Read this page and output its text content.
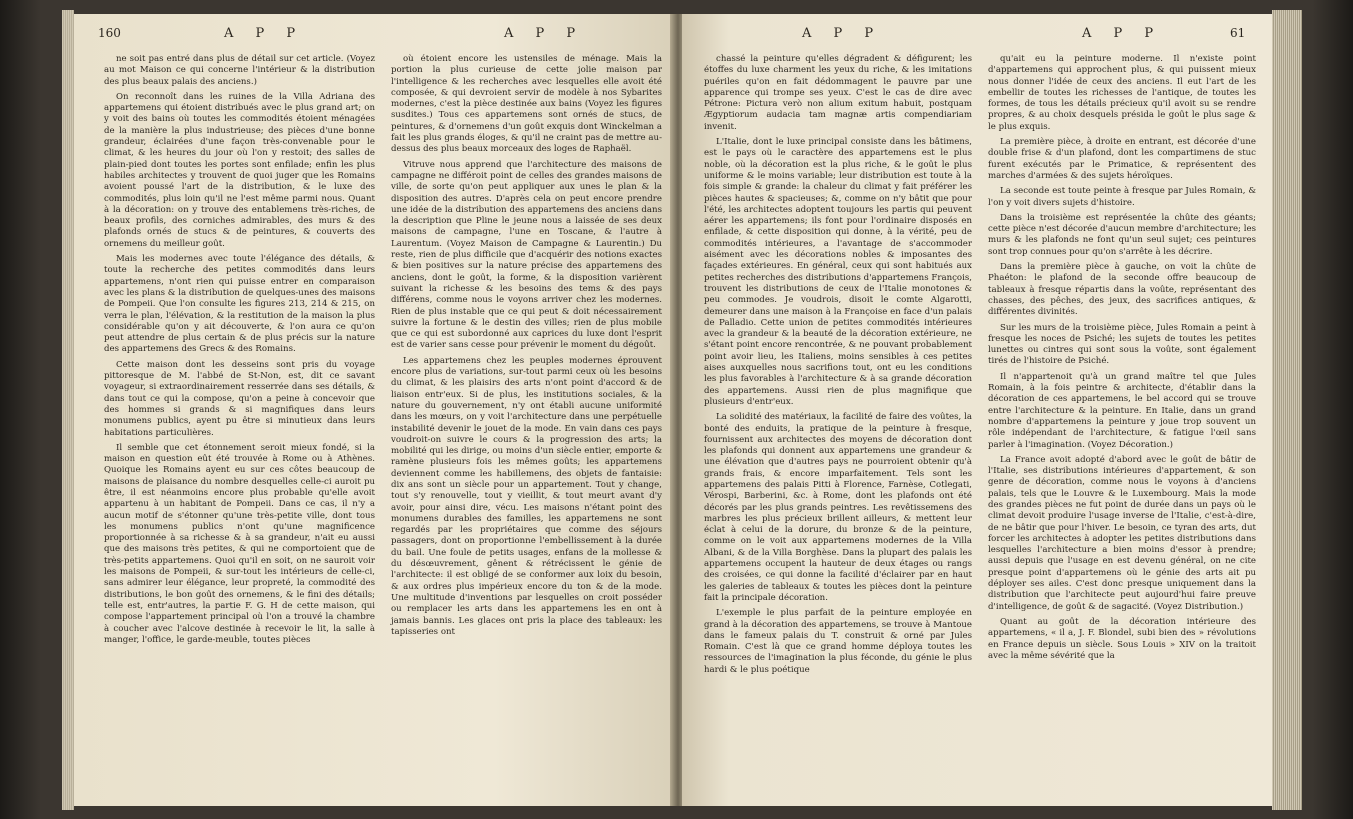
160	A P P	A P P

ne soit pas entré dans plus de détail sur cet article. (Voyez au mot Maison ce qui concerne l'intérieur & la distribution des plus beaux palais des anciens.)

On reconnoît dans les ruines de la Villa Adriana des appartemens qui étoient distribués avec le plus grand art; on y voit des bains où toutes les commodités étoient ménagées de la manière la plus industrieuse; des pièces d'une bonne grandeur, éclairées d'une façon très-convenable pour le climat, & les heures du jour où l'on y restoit; des salles de plain-pied dont toutes les portes sont enfilade; enfin les plus habiles architectes y trouvent de quoi juger que les Romains avoient poussé l'art de la distribution, & le luxe des commodités, plus loin qu'il ne l'est même parmi nous. Quant à la décoration: on y trouve des entablemens très-riches, de beaux profils, des corniches admirables, des murs & des plafonds ornés de stucs & de peintures, & couverts des ornemens du meilleur goût.

Mais les modernes avec toute l'élégance des détails, & toute la recherche des petites commodités dans leurs appartemens, n'ont rien qui puisse entrer en comparaison avec les plans & la distribution de quelques-unes des maisons de Pompeii. Que l'on consulte les figures 213, 214 & 215, on verra le plan, l'élévation, & la restitution de la maison la plus considérable qu'on y ait découverte, & l'on aura ce qu'on peut attendre de plus certain & de plus précis sur la nature des appartemens des Grecs & des Romains.

Cette maison dont les desseins sont pris du voyage pittoresque de M. l'abbé de St-Non, est, dit ce savant voyageur, si extraordinairement resserrée dans ses détails, & dans tout ce qui la compose, qu'on a peine à concevoir que des hommes si grands & si magnifiques dans leurs monumens publics, ayent pu être si minutieux dans leurs habitations particulières.

Il semble que cet étonnement seroit mieux fondé, si la maison en question eût été trouvée à Rome ou à Athènes. Quoique les Romains ayent eu sur ces côtes beaucoup de maisons de plaisance du nombre desquelles celle-ci auroit pu être, il est néanmoins encore plus probable qu'elle avoit appartenu à un habitant de Pompeii. Dans ce cas, il n'y a aucun motif de s'étonner qu'une très-petite ville, dont tous les monumens publics n'ont qu'une magnificence proportionnée à sa richesse & à sa grandeur, n'ait eu aussi que des maisons très petites, & qui ne comportoient que de très-petits appartemens. Quoi qu'il en soit, on ne sauroit voir les maisons de Pompeii, & sur-tout les intérieurs de celle-ci, sans admirer leur élégance, leur propreté, la commodité des distributions, le bon goût des ornemens, & le fini des détails; telle est, entr'autres, la partie F. G. H de cette maison, qui compose l'appartement principal où l'on a trouvé la chambre à coucher avec l'alcove destinée à recevoir le lit, la salle à manger, l'office, le garde-meuble, toutes pièces

où étoient encore les ustensiles de ménage. Mais la portion la plus curieuse de cette jolie maison par l'intelligence & les recherches avec lesquelles elle avoit été composée, & qui devroient servir de modèle à nos Sybarites modernes, c'est la pièce destinée aux bains (Voyez les figures susdites.) Tous ces appartemens sont ornés de stucs, de peintures, & d'ornemens d'un goût exquis dont Winckelman a fait les plus grands éloges, & qu'il ne craint pas de mettre au-dessus des plus beaux morceaux des loges de Raphaël.

Vitruve nous apprend que l'architecture des maisons de campagne ne différoit point de celles des grandes maisons de ville, de sorte qu'on peut appliquer aux unes le plan & la disposition des autres. D'après cela on peut encore prendre une idée de la distribution des appartemens des anciens dans la description que Pline le jeune nous a laissée de ses deux maisons de campagne, l'une en Toscane, & l'autre à Laurentum. (Voyez Maison de Campagne & Laurentin.) Du reste, rien de plus difficile que d'acquérir des notions exactes & bien positives sur la nature précise des appartemens des anciens, dont le goût, la forme, & la disposition varièrent suivant la richesse & les besoins des tems & des pays différens, comme nous le voyons arriver chez les modernes. Rien de plus instable que ce qui peut & doit nécessairement suivre la fortune & le destin des villes; rien de plus mobile que ce qui est subordonné aux caprices du luxe dont l'esprit est de varier sans cesse pour prévenir le moment du dégoût.

Les appartemens chez les peuples modernes éprouvent encore plus de variations, sur-tout parmi ceux où les besoins du climat, & les plaisirs des arts n'ont point d'accord & de liaison entr'eux. Si de plus, les institutions sociales, & la nature du gouvernement, n'y ont établi aucune uniformité dans les mœurs, on y voit l'architecture dans une perpétuelle instabilité devenir le jouet de la mode. En vain dans ces pays voudroit-on suivre le cours & la progression des arts; la mobilité qui les dirige, ou moins d'un siècle entier, emporte & ramène plusieurs fois les mêmes goûts; les appartemens deviennent comme les habillemens, des objets de fantaisie: dix ans sont un siècle pour un appartement. Tout y change, tout s'y renouvelle, tout y vieillit, & tout meurt avant d'y avoir, pour ainsi dire, vécu. Les maisons n'étant point des monumens durables des familles, les appartemens ne sont regardés par les propriétaires que comme des séjours passagers, dont on proportionne l'embellissement à la durée du bail. Une foule de petits usages, enfans de la mollesse & du désœuvrement, gênent & rétrécissent le génie de l'architecte: il est obligé de se conformer aux loix du besoin, & aux ordres plus impérieux encore du ton & de la mode. Une multitude d'inventions par lesquelles on croit posséder ou remplacer les arts dans les appartemens les en ont à jamais bannis. Les glaces ont pris la place des tableaux: les tapisseries ont

A P P	A P P	61

chassé la peinture qu'elles dégradent & défigurent; les étoffes du luxe charment les yeux du riche, & les imitations puériles qu'on en fait dédommagent le pauvre par une apparence qui trompe ses yeux. C'est le cas de dire avec Pétrone: Pictura verò non alium exitum habuit, postquam Ægyptiorum audacia tam magnæ artis compendiariam invenit.

L'Italie, dont le luxe principal consiste dans les bâtimens, est le pays où le caractère des appartemens est le plus noble, où la décoration est la plus riche, & le goût le plus uniforme & le moins variable; leur distribution est toute à la fois simple & grande: la chaleur du climat y fait préférer les pièces hautes & spacieuses; &, comme on n'y bâtit que pour l'été, les architectes adoptent toujours les partis qui peuvent aérer les appartemens; ils font pour l'ordinaire disposés en enfilade, & cette disposition qui donne, à la vérité, peu de commodités intérieures, a l'avantage de s'accommoder aisément avec les décorations nobles & imposantes des façades extérieures. En général, ceux qui sont habitués aux petites recherches des distributions d'appartemens François, trouvent les distributions de ceux de l'Italie monotones & peu commodes. Je voudrois, disoit le comte Algarotti, demeurer dans une maison à la Françoise en face d'un palais de Palladio. Cette union de petites commodités intérieures avec la grandeur & la beauté de la décoration extérieure, ne s'étant point encore rencontrée, & ne pouvant probablement point avoir lieu, les Italiens, moins sensibles à ces petites aises auxquelles nous sacrifions tout, ont eu les conditions les plus favorables à l'architecture & à sa grande décoration des appartemens. Aussi rien de plus magnifique que plusieurs d'entr'eux.

La solidité des matériaux, la facilité de faire des voûtes, la bonté des enduits, la pratique de la peinture à fresque, fournissent aux architectes des moyens de décoration dont les plafonds qui donnent aux appartemens une grandeur & une élévation que d'autres pays ne pourroient obtenir qu'à grands frais, & encore imparfaitement. Tels sont les appartemens des palais Pitti à Florence, Farnèse, Cotlegati, Vérospi, Barberini, &c. à Rome, dont les plafonds ont été décorés par les plus grands peintres. Les revêtissemens des marbres les plus précieux brillent ailleurs, & mettent leur éclat à celui de la dorure, du bronze & de la peinture, comme on le voit aux appartemens modernes de la Villa Albani, & de la Villa Borghèse. Dans la plupart des palais les appartemens occupent la hauteur de deux étages ou rangs des croisées, ce qui donne la facilité d'éclairer par en haut les galeries de tableaux & toutes les pièces dont la peinture fait la principale décoration.

L'exemple le plus parfait de la peinture employée en grand à la décoration des appartemens, se trouve à Mantoue dans le fameux palais du T. construit & orné par Jules Romain. C'est là que ce grand homme déploya toutes les ressources de l'imagination la plus féconde, du génie le plus hardi & le plus poétique

qu'ait eu la peinture moderne. Il n'existe point d'appartemens qui approchent plus, & qui puissent mieux nous donner l'idée de ceux des anciens. Il eut l'art de les embellir de toutes les richesses de l'antique, de toutes les formes, de tous les détails précieux qu'il avoit su se rendre propres, & au choix desquels présida le goût le plus sage & le plus exquis.

La première pièce, à droite en entrant, est décorée d'une double frise & d'un plafond, dont les compartimens de stuc furent exécutés par le Primatice, & représentent des marches d'armées & des sujets héroïques.

La seconde est toute peinte à fresque par Jules Romain, & l'on y voit divers sujets d'histoire.

Dans la troisième est représentée la chûte des géants; cette pièce n'est décorée d'aucun membre d'architecture; les murs & les plafonds ne font qu'un seul sujet; ces peintures sont trop connues pour qu'on s'arrête à les décrire.

Dans la première pièce à gauche, on voit la chûte de Phaéton: le plafond de la seconde offre beaucoup de tableaux à fresque répartis dans la voûte, représentant des chasses, des pêches, des jeux, des sacrifices antiques, & différentes divinités.

Sur les murs de la troisième pièce, Jules Romain a peint à fresque les noces de Psiché; les sujets de toutes les petites lunettes ou cintres qui sont sous la voûte, sont également tirés de l'histoire de Psiché.

Il n'appartenoit qu'à un grand maître tel que Jules Romain, à la fois peintre & architecte, d'établir dans la décoration de ces appartemens, le bel accord qui se trouve entre l'architecture & la peinture. En Italie, dans un grand nombre d'appartemens la peinture y joue trop souvent un rôle indépendant de l'architecture, & fatigue l'œil sans parler à l'imagination. (Voyez Décoration.)

La France avoit adopté d'abord avec le goût de bâtir de l'Italie, ses distributions intérieures d'appartement, & son genre de décoration, comme nous le voyons à d'anciens palais, tels que le Louvre & le Luxembourg. Mais la mode des grandes pièces ne fut point de durée dans un pays où le climat devoit produire l'usage inverse de l'Italie, c'est-à-dire, de ne bâtir que pour l'hiver. Le besoin, ce tyran des arts, dut forcer les architectes à adopter les petites distributions dans lesquelles l'architecture a bien moins d'essor à prendre; aussi depuis que l'usage en est devenu général, on ne cite presque point d'appartemens où le génie des arts ait pu déployer ses ailes. C'est donc presque uniquement dans la distribution que l'architecte peut aujourd'hui faire preuve d'intelligence, de goût & de sagacité. (Voyez Distribution.)

Quant au goût de la décoration intérieure des appartemens, « il a, J. F. Blondel, subi bien des » révolutions en France depuis un siècle. Sous Louis » XIV on la traitoit avec la même sévérité que la
